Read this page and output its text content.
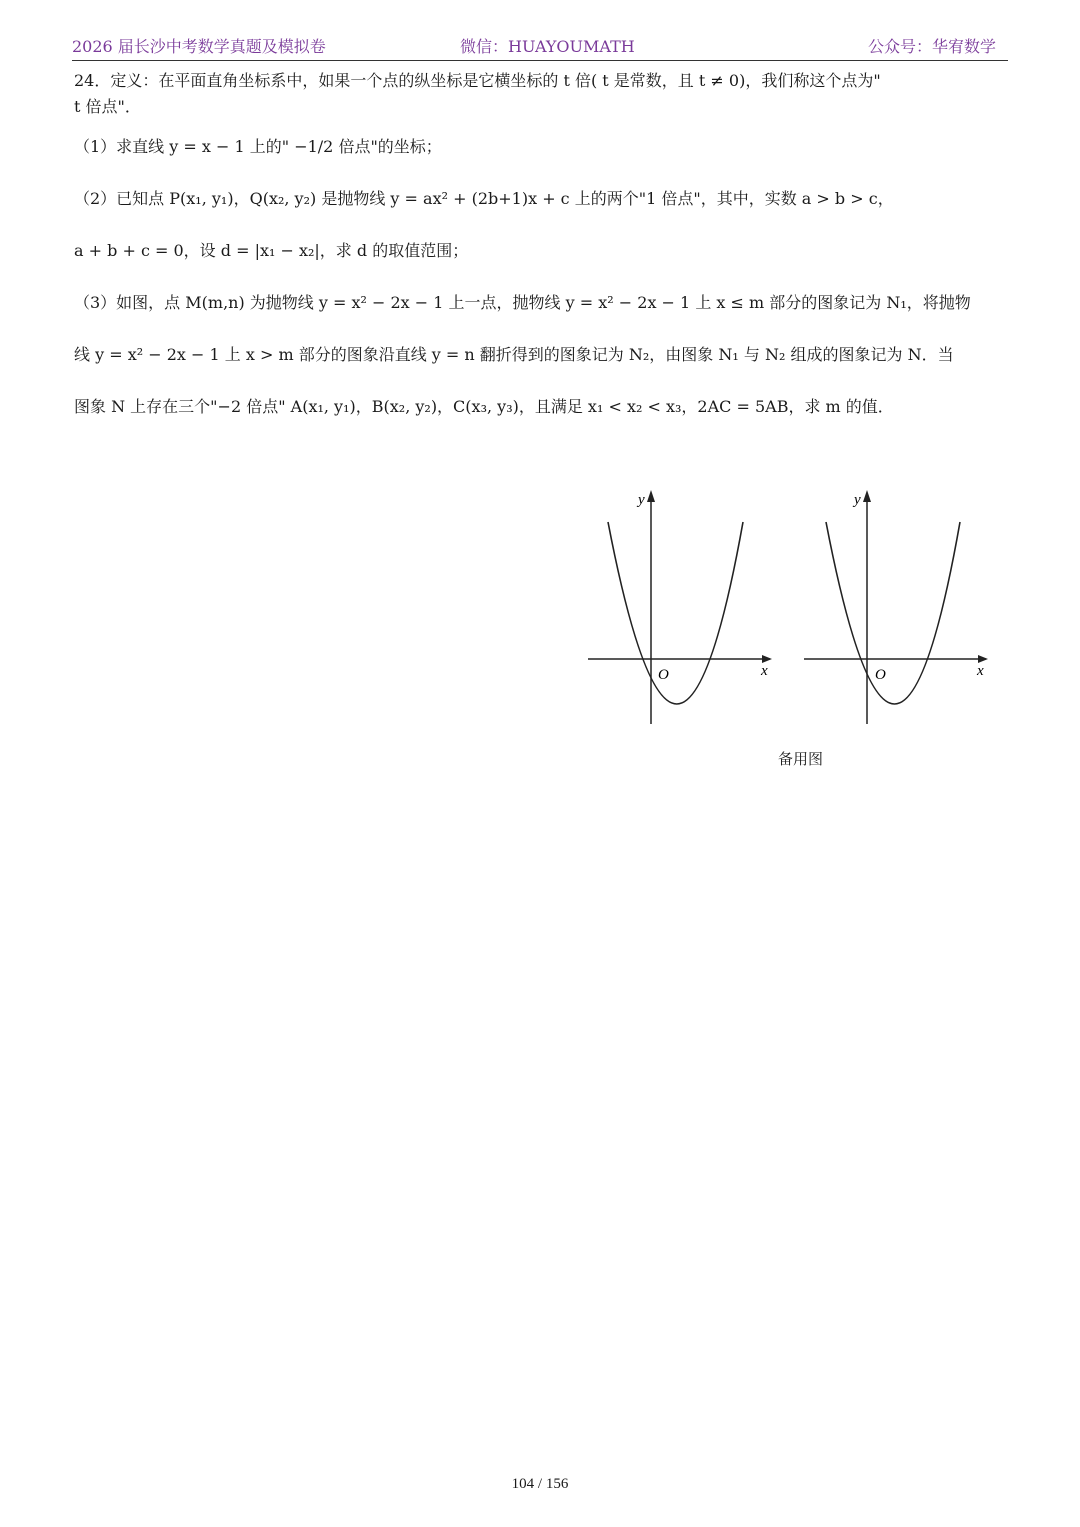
2026 届长沙中考数学真题及模拟卷	微信：HUAYOUMATH	公众号：华宥数学

24．定义：在平面直角坐标系中，如果一个点的纵坐标是它横坐标的 t 倍( t 是常数，且 t ≠ 0)，我们称这个点为"

t 倍点"．

（1）求直线 y = x − 1 上的" −1/2 倍点"的坐标；

（2）已知点 P(x₁, y₁)，Q(x₂, y₂) 是抛物线 y = ax² + (2b+1)x + c 上的两个"1 倍点"，其中，实数 a > b > c，

a + b + c = 0，设 d = |x₁ − x₂|，求 d 的取值范围；

（3）如图，点 M(m,n) 为抛物线 y = x² − 2x − 1 上一点，抛物线 y = x² − 2x − 1 上 x ≤ m 部分的图象记为 N₁，将抛物

线 y = x² − 2x − 1 上 x > m 部分的图象沿直线 y = n 翻折得到的图象记为 N₂，由图象 N₁ 与 N₂ 组成的图象记为 N．当

图象 N 上存在三个"−2 倍点" A(x₁, y₁)，B(x₂, y₂)，C(x₃, y₃)，且满足 x₁ < x₂ < x₃，2AC = 5AB，求 m 的值．

y
O	x
y
O	x
备用图
104 / 156
